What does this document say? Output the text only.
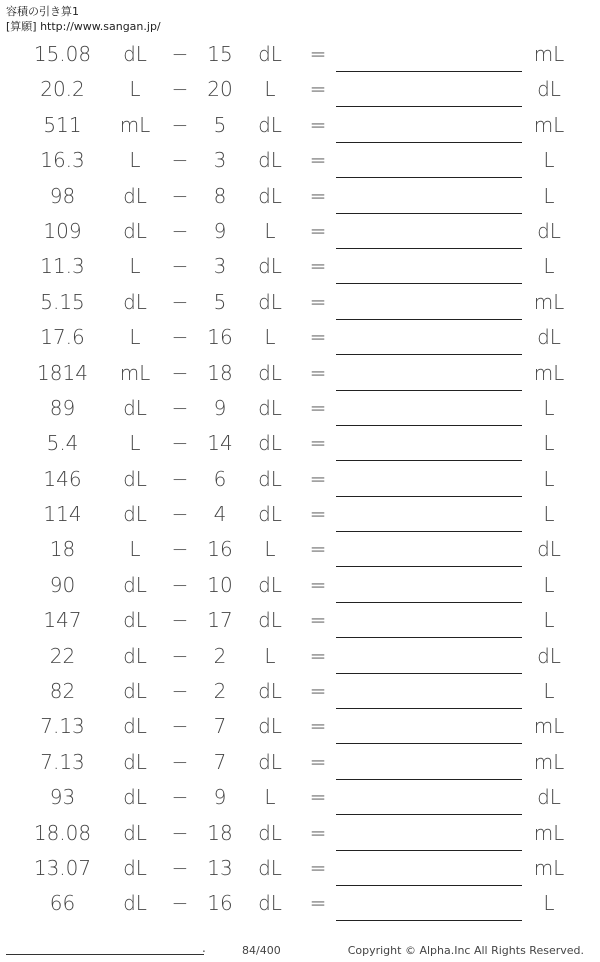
容積の引き算1
[算願] http://www.sangan.jp/
15.08	dL	− 15	dL	=	mL
20.2	L	− 20	L	=	dL
511	mL	−	5	dL	=	mL
16.3	L	−	3	dL	=	L
98	dL	−	8	dL	=	L
109	dL	−	9	L	=	dL
11.3	L	−	3	dL	=	L
5.15	dL	−	5	dL	=	mL
17.6	L	− 16	L	=	dL
1814	mL	− 18	dL	=	mL
89	dL	−	9	dL	=	L
5.4	L	− 14	dL	=	L
146	dL	−	6	dL	=	L
114	dL	−	4	dL	=	L
18	L	− 16	L	=	dL
90	dL	− 10	dL	=	L
147	dL	− 17	dL	=	L
22	dL	−	2	L	=	dL
82	dL	−	2	dL	=	L
7.13	dL	−	7	dL	=	mL
7.13	dL	−	7	dL	=	mL
93	dL	−	9	L	=	dL
18.08	dL	− 18	dL	=	mL
13.07	dL	− 13	dL	=	mL
66	dL	− 16	dL	=	L
.	84/400	Copyright © Alpha.Inc All Rights Reserved.
